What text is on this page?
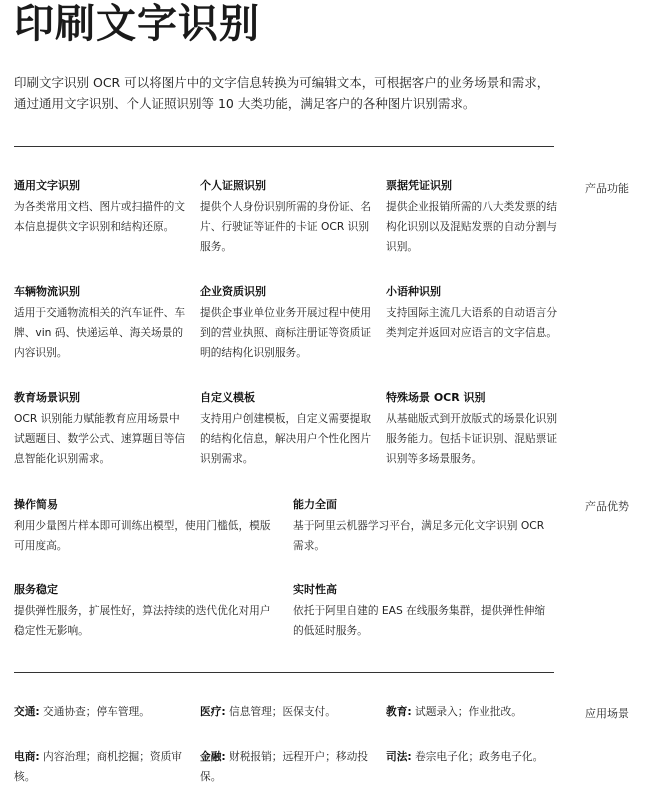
印刷文字识别
印刷文字识别 OCR 可以将图片中的文字信息转换为可编辑文本，可根据客户的业务场景和需求，通过通用文字识别、个人证照识别等 10 大类功能，满足客户的各种图片识别需求。
产品功能
通用文字识别
为各类常用文档、图片或扫描件的文本信息提供文字识别和结构还原。
个人证照识别
提供个人身份识别所需的身份证、名片、行驶证等证件的卡证 OCR 识别服务。
票据凭证识别
提供企业报销所需的八大类发票的结构化识别以及混贴发票的自动分割与识别。
车辆物流识别
适用于交通物流相关的汽车证件、车牌、vin 码、快递运单、海关场景的内容识别。
企业资质识别
提供企事业单位业务开展过程中使用到的营业执照、商标注册证等资质证明的结构化识别服务。
小语种识别
支持国际主流几大语系的自动语言分类判定并返回对应语言的文字信息。
教育场景识别
OCR 识别能力赋能教育应用场景中试题题目、数学公式、速算题目等信息智能化识别需求。
自定义模板
支持用户创建模板，自定义需要提取的结构化信息，解决用户个性化图片识别需求。
特殊场景 OCR 识别
从基础版式到开放版式的场景化识别服务能力。包括卡证识别、混贴票证识别等多场景服务。
产品优势
操作简易
利用少量图片样本即可训练出模型，使用门槛低，模版可用度高。
能力全面
基于阿里云机器学习平台，满足多元化文字识别 OCR 需求。
服务稳定
提供弹性服务，扩展性好，算法持续的迭代优化对用户稳定性无影响。
实时性高
依托于阿里自建的 EAS 在线服务集群，提供弹性伸缩的低延时服务。
应用场景
交通: 交通协查；停车管理。	医疗: 信息管理；医保支付。	教育: 试题录入；作业批改。
电商: 内容治理；商机挖掘；资质审核。
金融: 财税报销；远程开户；移动投保。
司法: 卷宗电子化；政务电子化。
